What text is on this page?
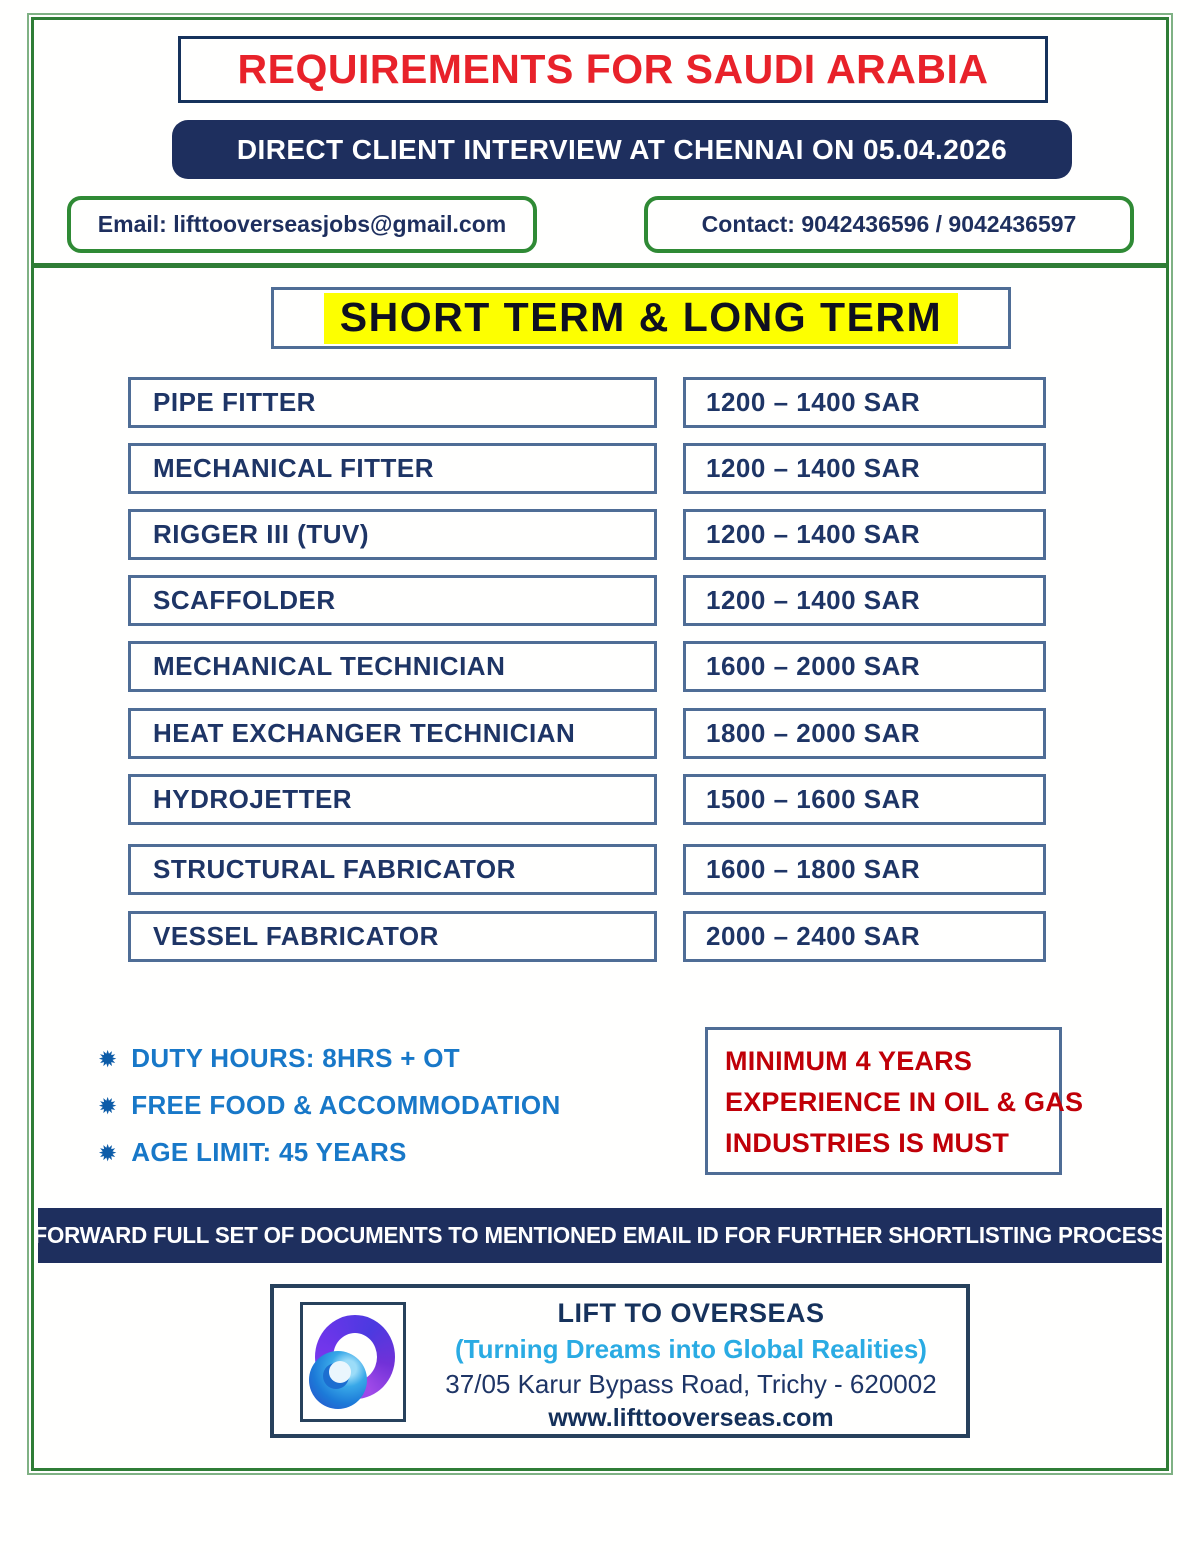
REQUIREMENTS FOR SAUDI ARABIA
DIRECT CLIENT INTERVIEW AT CHENNAI ON 05.04.2026
Email: lifttooverseasjobs@gmail.com	Contact: 9042436596 / 9042436597
SHORT TERM & LONG TERM
PIPE FITTER	1200 – 1400 SAR
MECHANICAL FITTER	1200 – 1400 SAR
RIGGER III (TUV)	1200 – 1400 SAR
SCAFFOLDER	1200 – 1400 SAR
MECHANICAL TECHNICIAN	1600 – 2000 SAR
HEAT EXCHANGER TECHNICIAN	1800 – 2000 SAR
HYDROJETTER	1500 – 1600 SAR
STRUCTURAL FABRICATOR	1600 – 1800 SAR
VESSEL FABRICATOR	2000 – 2400 SAR
✹ DUTY HOURS: 8HRS + OT
✹ FREE FOOD & ACCOMMODATION
✹ AGE LIMIT: 45 YEARS
MINIMUM 4 YEARS
EXPERIENCE IN OIL & GAS
INDUSTRIES IS MUST
FORWARD FULL SET OF DOCUMENTS TO MENTIONED EMAIL ID FOR FURTHER SHORTLISTING PROCESS
LIFT TO OVERSEAS
(Turning Dreams into Global Realities)
37/05 Karur Bypass Road, Trichy - 620002
www.lifttooverseas.com
